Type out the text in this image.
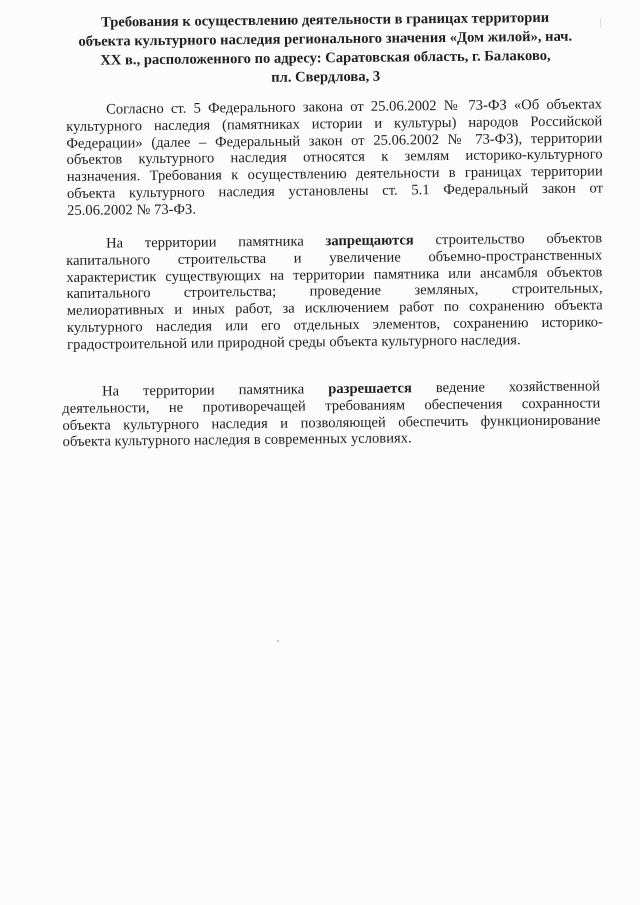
Требования к осуществлению деятельности в границах территории
объекта культурного наследия регионального значения «Дом жилой», нач.
XX в., расположенного по адресу: Саратовская область, г. Балаково,
пл. Свердлова, 3
Согласно ст. 5 Федерального закона от 25.06.2002 № 73-ФЗ «Об объектах
культурного наследия (памятниках истории и культуры) народов Российской
Федерации» (далее – Федеральный закон от 25.06.2002 № 73-ФЗ), территории
объектов культурного наследия относятся к землям историко-культурного
назначения. Требования к осуществлению деятельности в границах территории
объекта культурного наследия установлены ст. 5.1 Федеральный закон от
25.06.2002 № 73-ФЗ.
На территории памятника запрещаются строительство объектов
капитального строительства и увеличение объемно-пространственных
характеристик существующих на территории памятника или ансамбля объектов
капитального строительства; проведение земляных, строительных,
мелиоративных и иных работ, за исключением работ по сохранению объекта
культурного наследия или его отдельных элементов, сохранению историко-
градостроительной или природной среды объекта культурного наследия.
На территории памятника разрешается ведение хозяйственной
деятельности, не противоречащей требованиям обеспечения сохранности
объекта культурного наследия и позволяющей обеспечить функционирование
объекта культурного наследия в современных условиях.
